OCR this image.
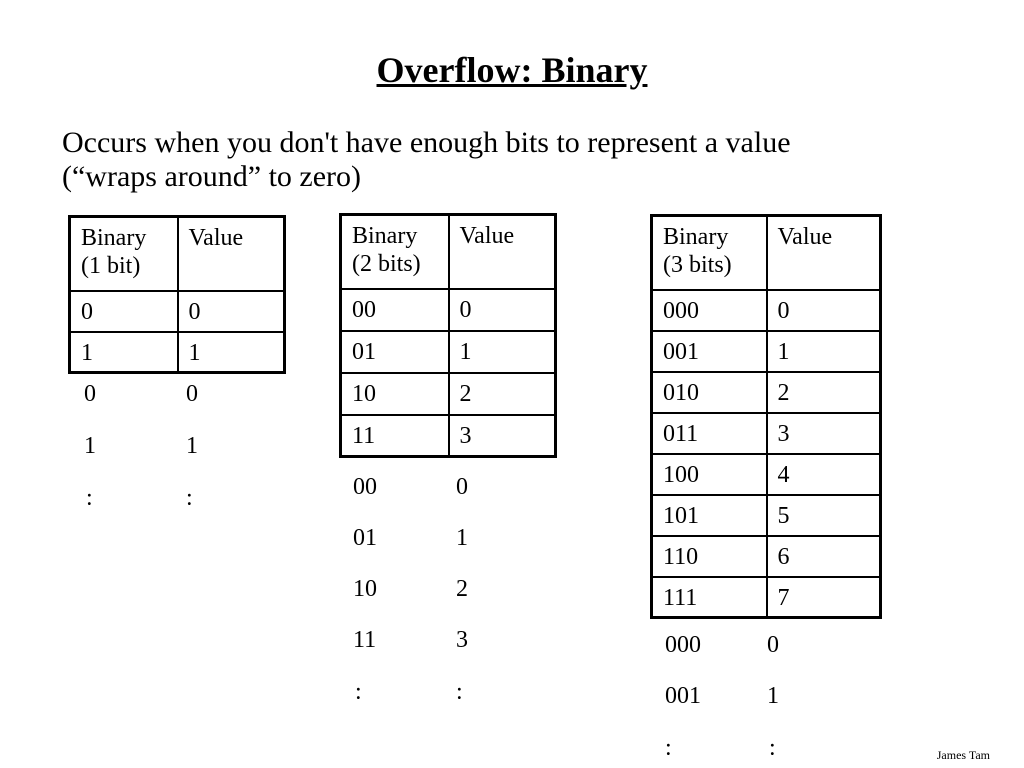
Overflow: Binary
Occurs when you don't have enough bits to represent a value
(“wraps around” to zero)
Binary
(1 bit)	Value
0	0
1	1
0	0
1	1
:	:
Binary
(2 bits)	Value
00	0
01	1
10	2
11	3
00	0
01	1
10	2
11	3
:	:
Binary
(3 bits)	Value
000	0
001	1
010	2
011	3
100	4
101	5
110	6
111	7
000	0
001	1
:	:	James Tam
